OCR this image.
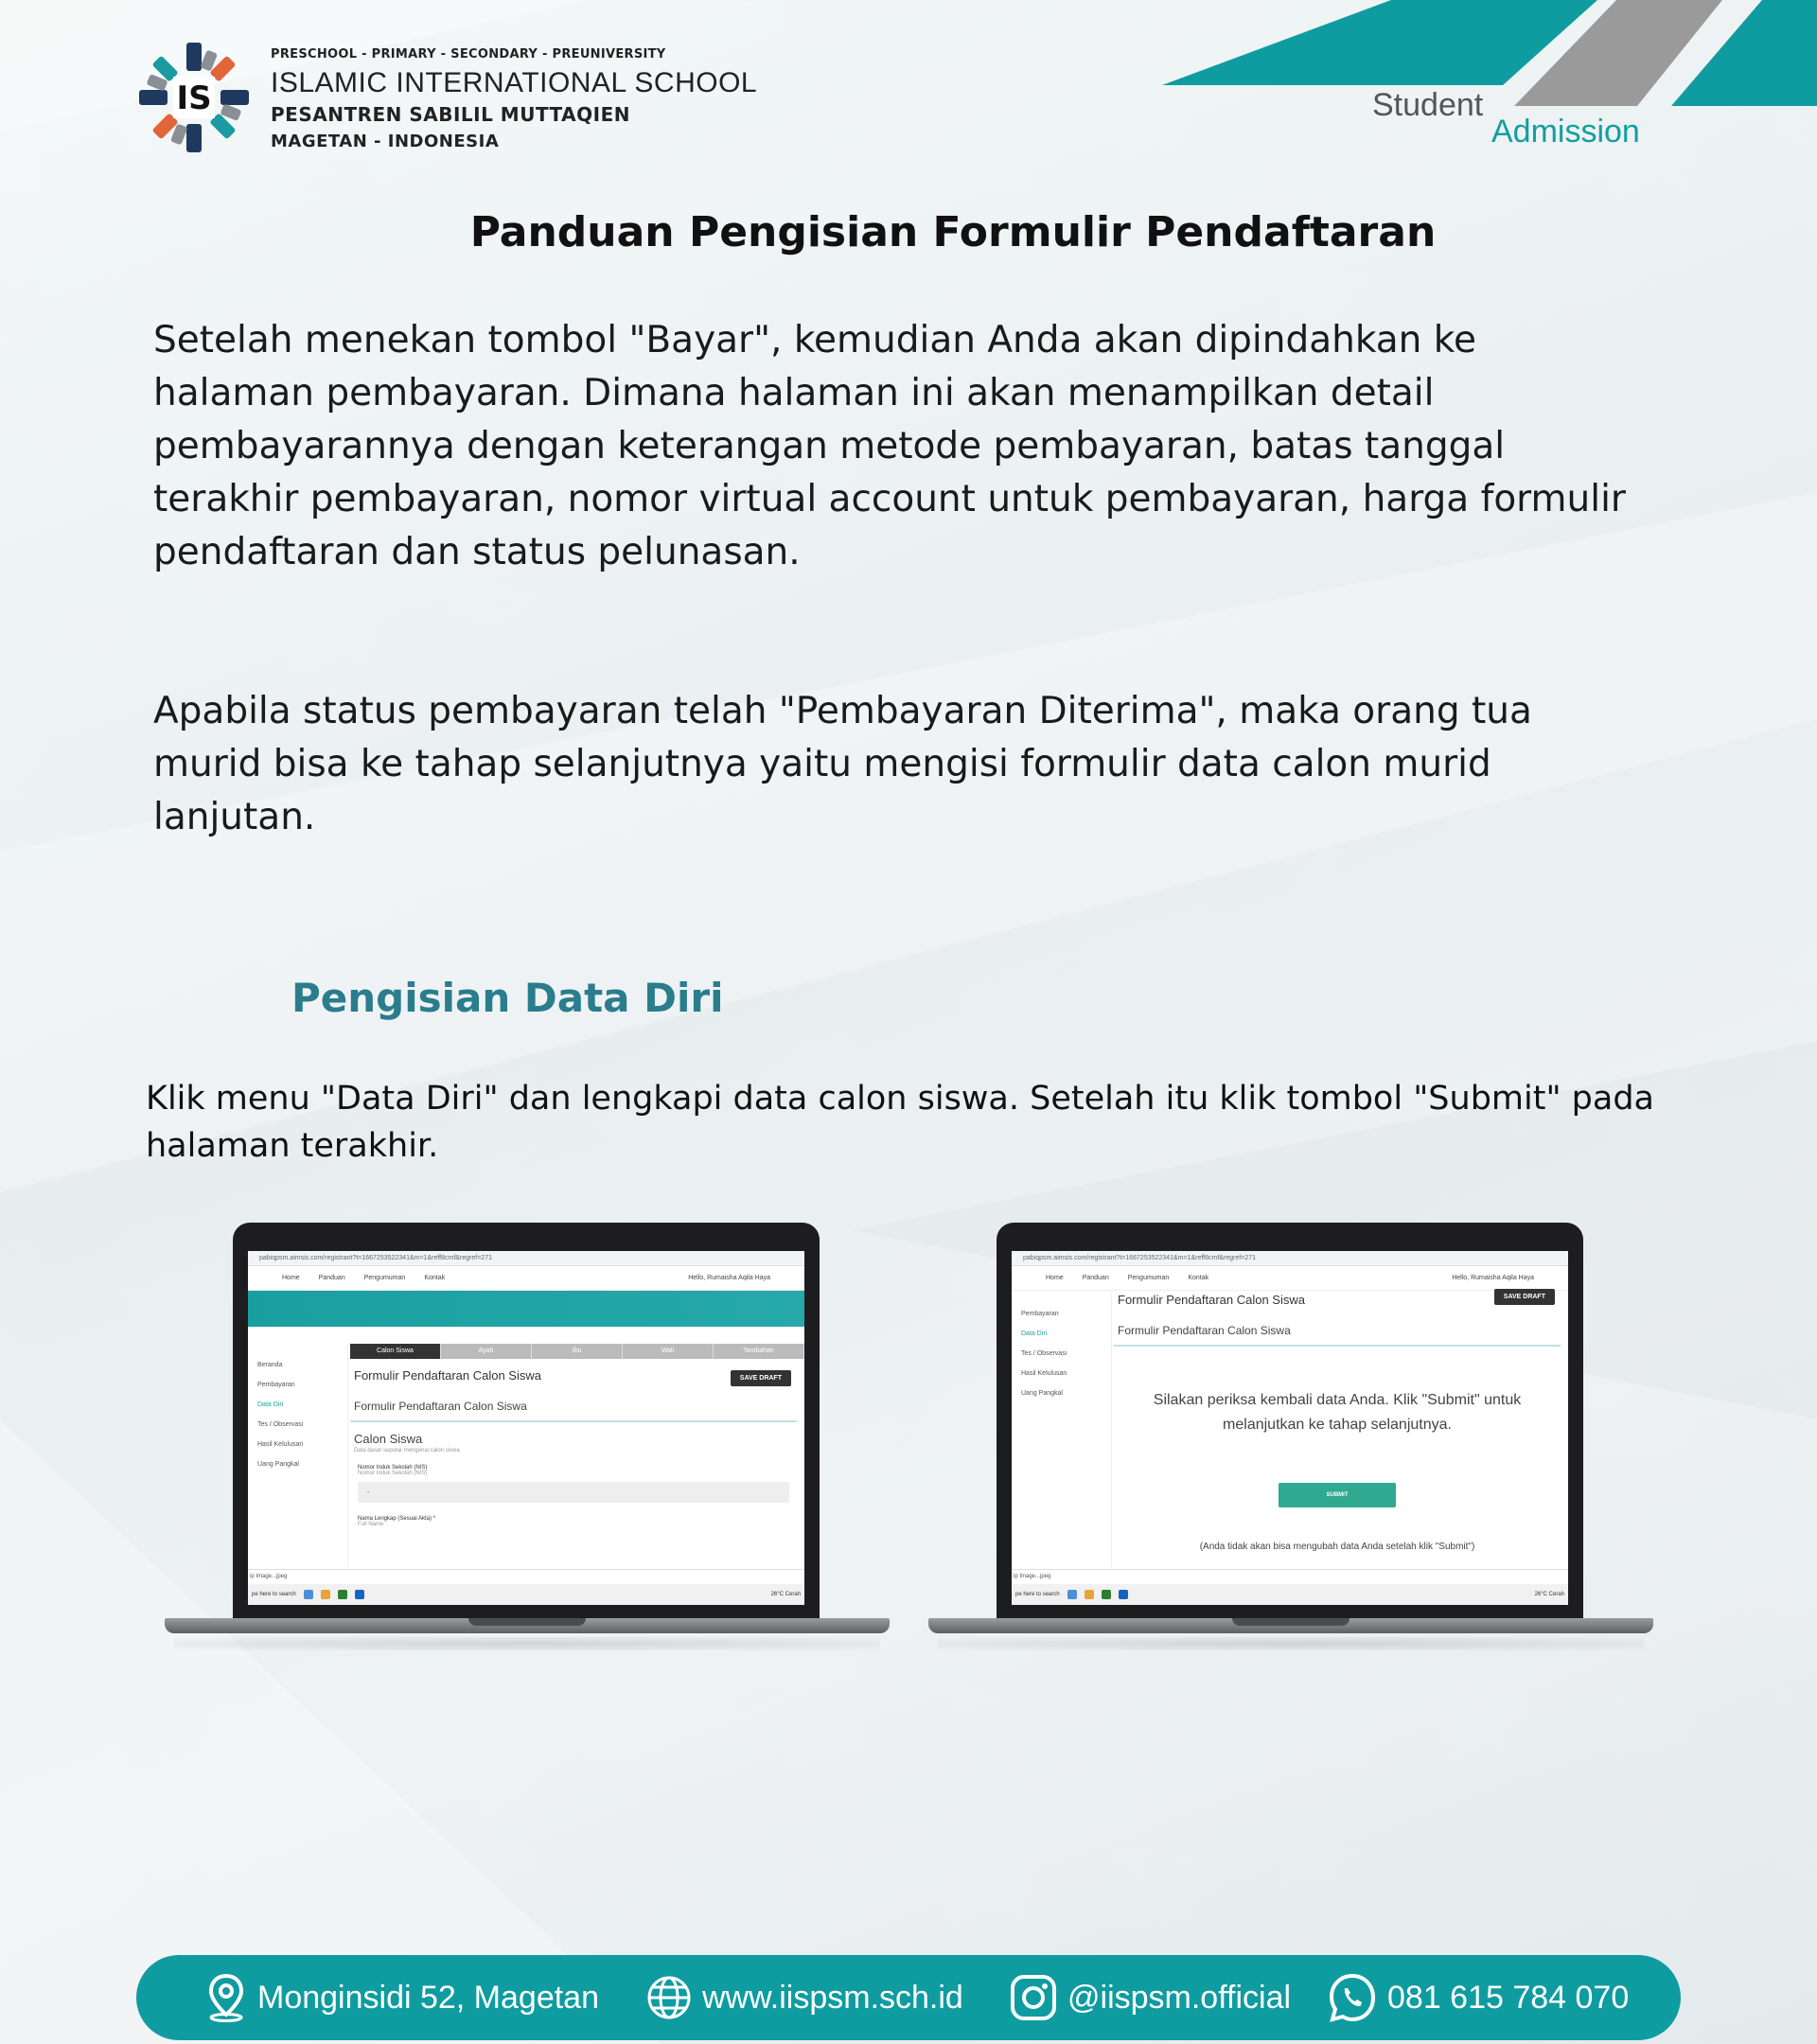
IS
PRESCHOOL - PRIMARY - SECONDARY - PREUNIVERSITY
ISLAMIC INTERNATIONAL SCHOOL
PESANTREN SABILIL MUTTAQIEN
MAGETAN - INDONESIA
Student
Admission
Panduan Pengisian Formulir Pendaftaran
Setelah menekan tombol "Bayar", kemudian Anda akan dipindahkan ke halaman pembayaran. Dimana halaman ini akan menampilkan detail pembayarannya dengan keterangan metode pembayaran, batas tanggal terakhir pembayaran, nomor virtual account untuk pembayaran, harga formulir pendaftaran dan status pelunasan.
Apabila status pembayaran telah "Pembayaran Diterima", maka orang tua murid bisa ke tahap selanjutnya yaitu mengisi formulir data calon murid lanjutan.
Pengisian Data Diri
Klik menu "Data Diri" dan lengkapi data calon siswa. Setelah itu klik tombol "Submit" pada halaman terakhir.
pabiqpsm.aimsis.com/registrant?t=1667253522341&m=1&reff8cmf&regref=271
Home	Panduan	Pengumuman	Kontak	Hello, Rumaisha Aqila Haya
Calon Siswa	Ayah	Ibu	Wali	Tambahan
Beranda
Pembayaran
Data Diri
Tes / Observasi
Hasil Kelulusan
Uang Pangkal
Formulir Pendaftaran Calon Siswa	SAVE DRAFT
Formulir Pendaftaran Calon Siswa
Calon Siswa
Data dasar seputar mengenai calon siswa
Nomor Induk Sekolah (NIS)
Nomor Induk Sekolah (NIS)
-
Nama Lengkap (Sesuai Akta) *
Full Name
ip Image...jpeg
pe here to search	26°C Cerah
pabiqpsm.aimsis.com/registrant?t=1667253522341&m=1&reff8cmf&regref=271
Home	Panduan	Pengumuman	Kontak	Hello, Rumaisha Aqila Haya
Pembayaran
Data Diri
Tes / Observasi
Hasil Kelulusan
Uang Pangkal
Formulir Pendaftaran Calon Siswa	SAVE DRAFT
Formulir Pendaftaran Calon Siswa
Silakan periksa kembali data Anda. Klik "Submit" untuk melanjutkan ke tahap selanjutnya.
SUBMIT
(Anda tidak akan bisa mengubah data Anda setelah klik "Submit")
ip Image...jpeg
pe here to search	26°C Cerah
Monginsidi 52, Magetan	www.iispsm.sch.id	@iispsm.official	081 615 784 070
